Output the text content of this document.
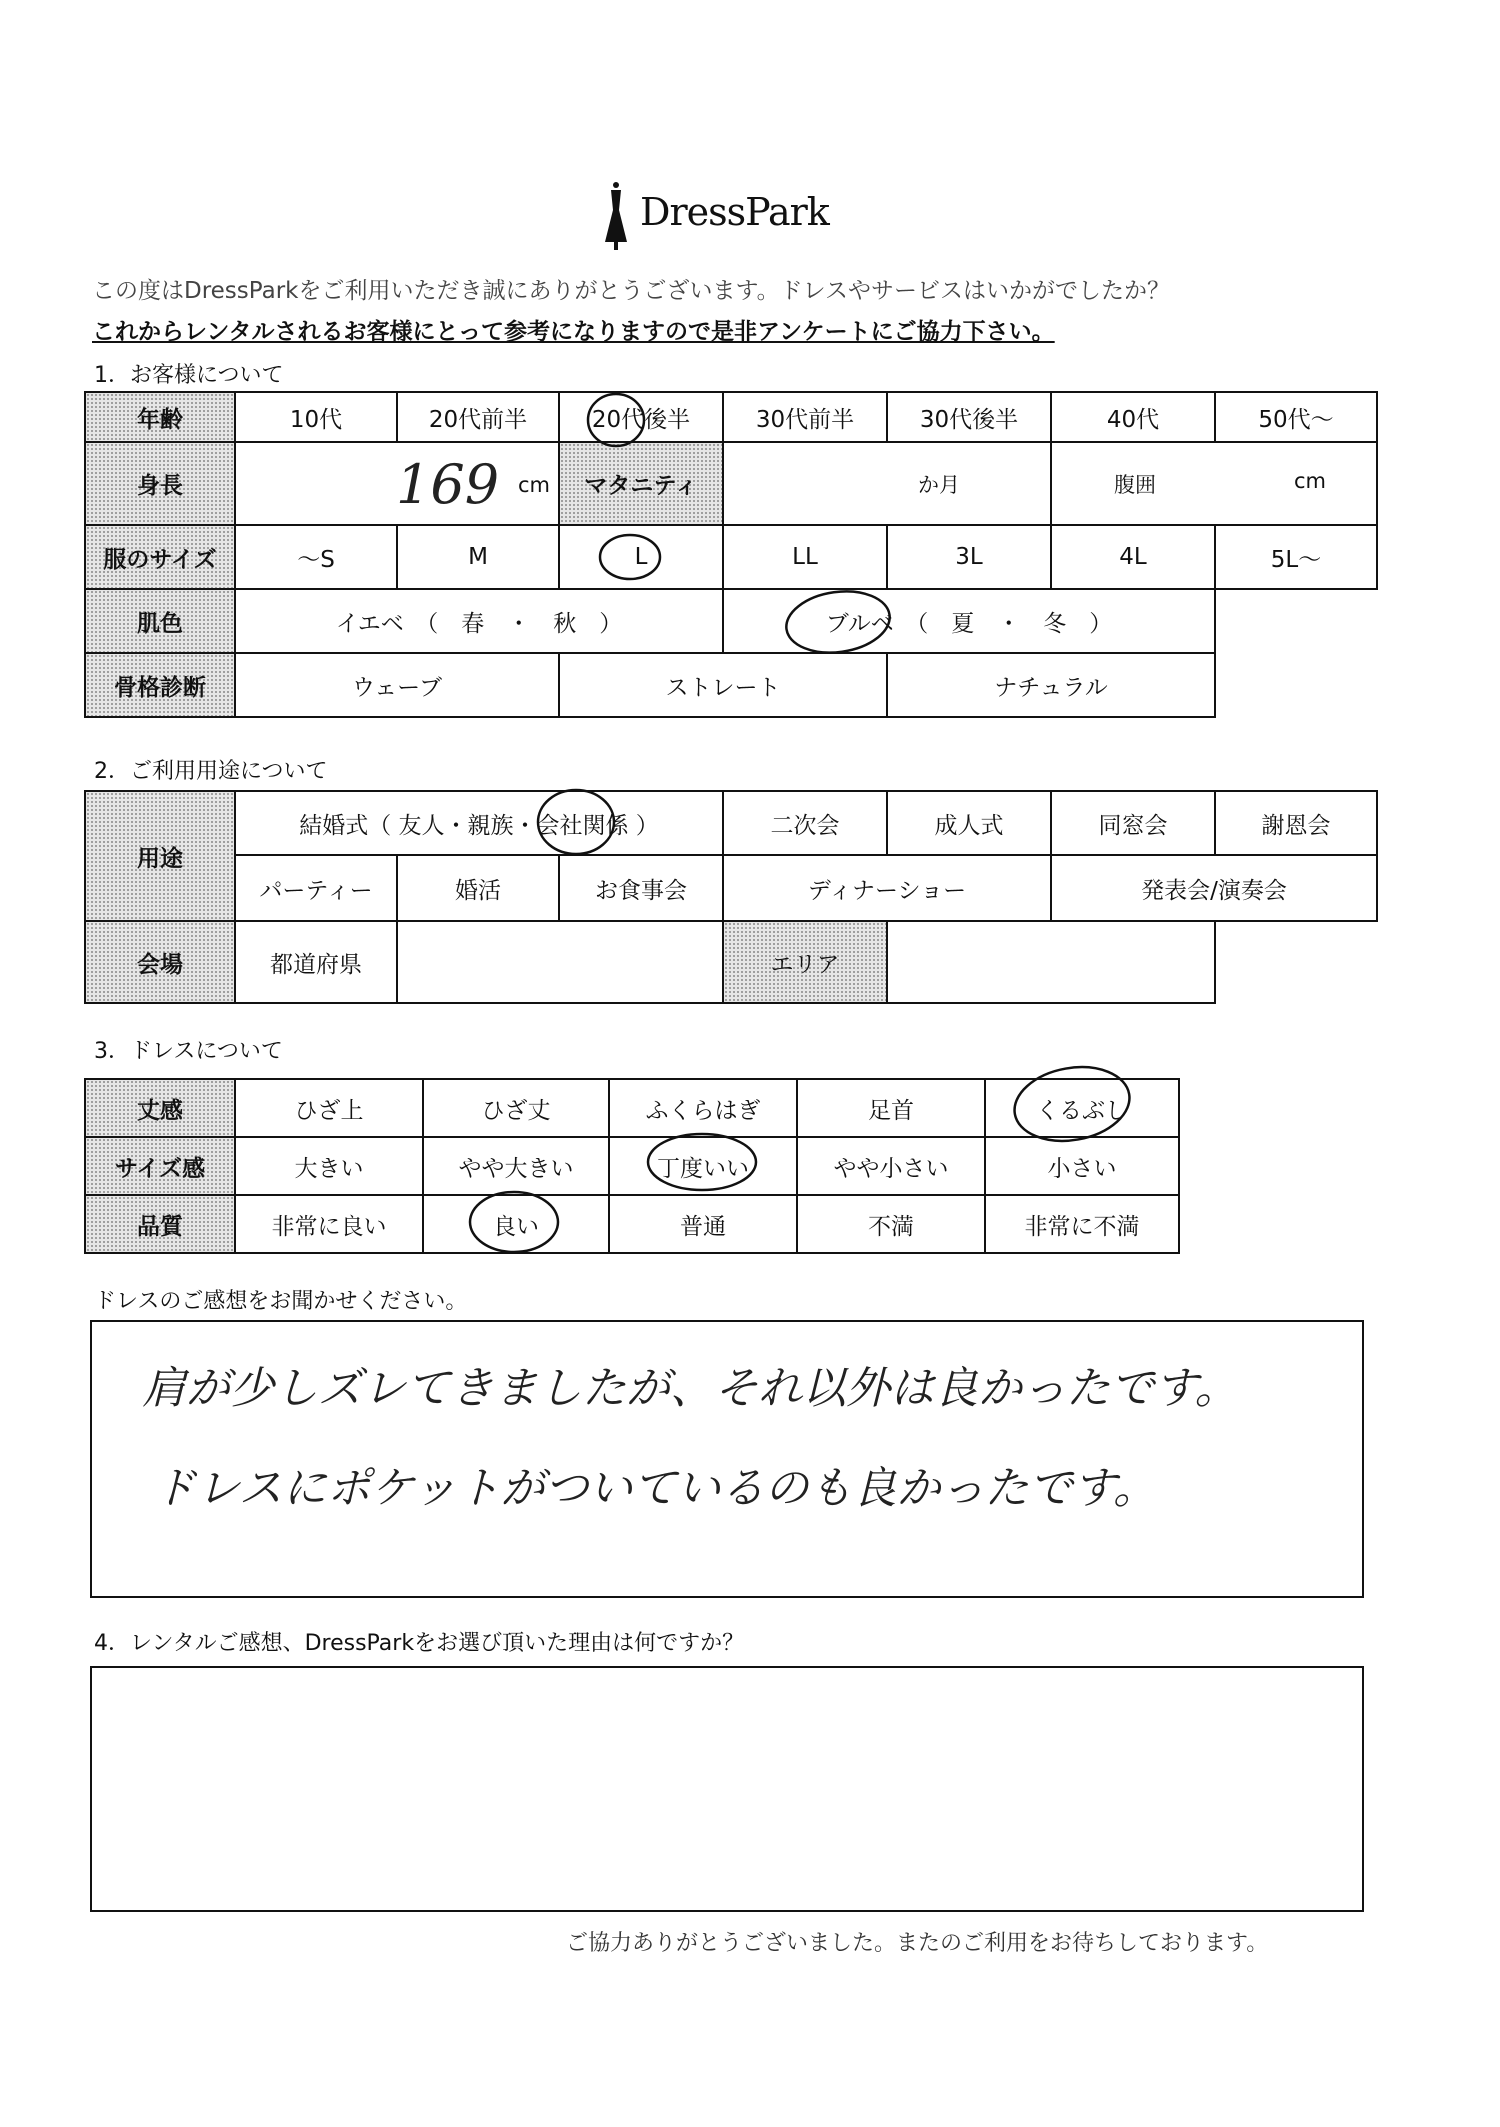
DressPark
この度はDressParkをご利用いただき誠にありがとうございます。ドレスやサービスはいかがでしたか？
これからレンタルされるお客様にとって参考になりますので是非アンケートにご協力下さい。
1．お客様について
年齢	10代	20代前半	20代後半	30代前半	30代後半	40代	50代～
身長	169 cm	マタニティ	か月	腹囲	cm
服のサイズ	～S	M	L	LL	3L	4L	5L～
肌色	イエベ　（　春　・　秋　）	ブルベ　（　夏　・　冬　）
骨格診断	ウェーブ	ストレート	ナチュラル
2．ご利用用途について
用途
結婚式（ 友人・親族・会社関係 ）	二次会	成人式	同窓会	謝恩会
パーティー	婚活	お食事会	ディナーショー	発表会/演奏会
会場	都道府県	エリア
3．ドレスについて
丈感	ひざ上	ひざ丈	ふくらはぎ	足首	くるぶし
サイズ感	大きい	やや大きい	丁度いい	やや小さい	小さい
品質	非常に良い	良い	普通	不満	非常に不満
ドレスのご感想をお聞かせください。
肩が少しズレてきましたが、それ以外は良かったです。
ドレスにポケットがついているのも良かったです。
4．レンタルご感想、DressParkをお選び頂いた理由は何ですか？
ご協力ありがとうございました。またのご利用をお待ちしております。
